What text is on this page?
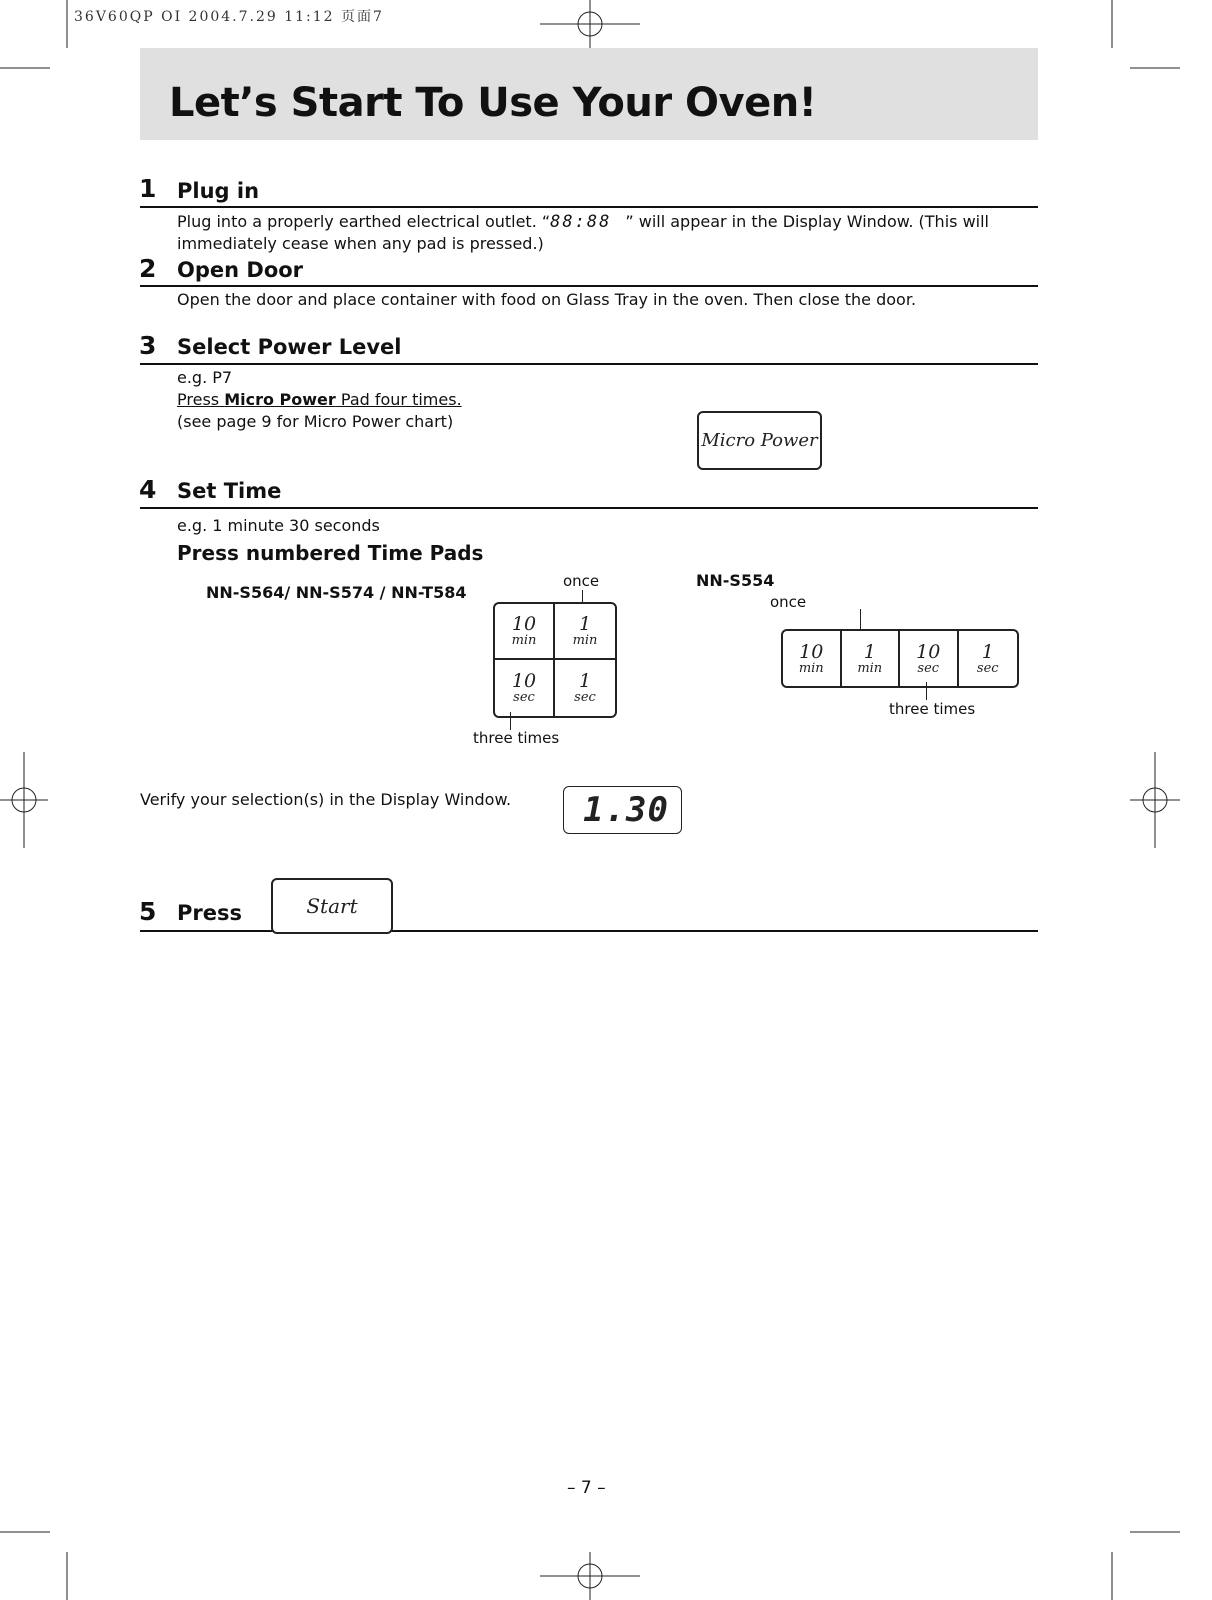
36V60QP OI 2004.7.29 11:12 页面7
Let’s Start To Use Your Oven!
1 Plug in
Plug into a properly earthed electrical outlet. “88:88 ” will appear in the Display Window. (This will
immediately cease when any pad is pressed.)
2 Open Door
Open the door and place container with food on Glass Tray in the oven. Then close the door.
3 Select Power Level
e.g. P7
Press Micro Power Pad four times.
(see page 9 for Micro Power chart)
Micro Power
4 Set Time
e.g. 1 minute 30 seconds
Press numbered Time Pads
NN-S564/ NN-S574 / NN-T584
once
10
min
1
min
10
sec
1
sec
three times
NN-S554
once
10
min
1
min
10
sec
1
sec
three times
Verify your selection(s) in the Display Window. 1.30
5 Press	Start
– 7 –
